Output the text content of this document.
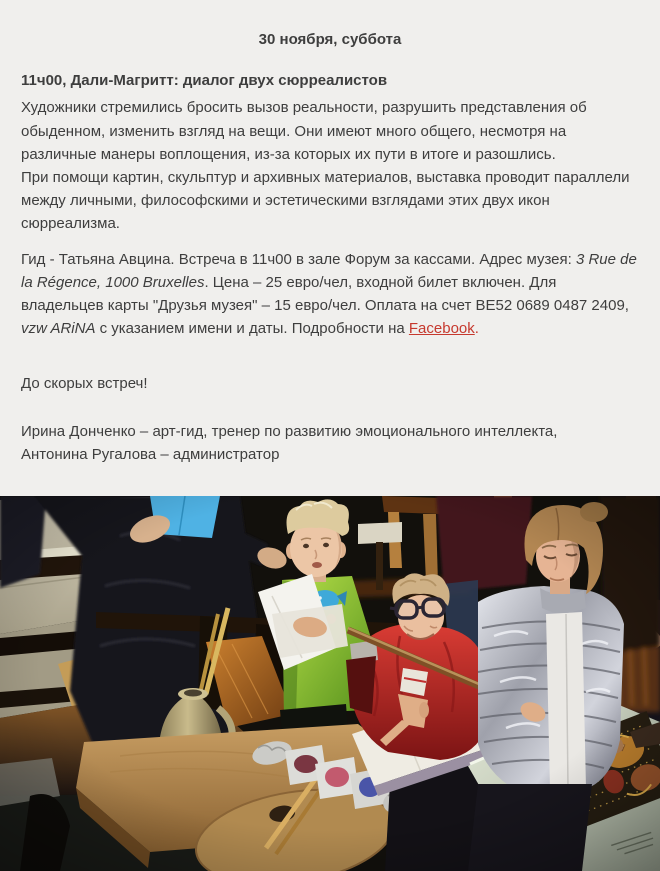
30 ноября, суббота

11ч00, Дали-Магритт: диалог двух сюрреалистов

Художники стремились бросить вызов реальности, разрушить представления об обыденном, изменить взгляд на вещи. Они имеют много общего, несмотря на различные манеры воплощения, из-за которых их пути в итоге и разошлись.
При помощи картин, скульптур и архивных материалов, выставка проводит параллели между личными, философскими и эстетическими взглядами этих двух икон сюрреализма.

Гид - Татьяна Авцина. Встреча в 11ч00 в зале Форум за кассами. Адрес музея: 3 Rue de la Régence, 1000 Bruxelles. Цена – 25 евро/чел, входной билет включен. Для владельцев карты "Друзья музея" – 15 евро/чел. Оплата на счет BE52 0689 0487 2409, vzw ARiNA с указанием имени и даты. Подробности на Facebook.

До скорых встреч!

Ирина Донченко – арт-гид, тренер по развитию эмоционального интеллекта,
Антонина Ругалова – администратор
